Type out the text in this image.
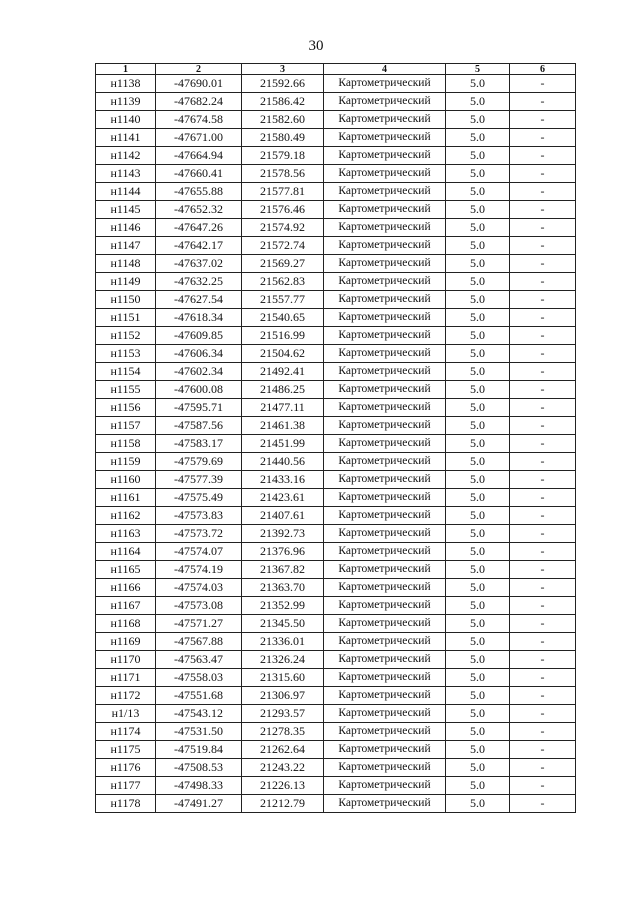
30
1	2	3	4	5	6
н1138	-47690.01	21592.66	Картометрический	5.0	-
н1139	-47682.24	21586.42	Картометрический	5.0	-
н1140	-47674.58	21582.60	Картометрический	5.0	-
н1141	-47671.00	21580.49	Картометрический	5.0	-
н1142	-47664.94	21579.18	Картометрический	5.0	-
н1143	-47660.41	21578.56	Картометрический	5.0	-
н1144	-47655.88	21577.81	Картометрический	5.0	-
н1145	-47652.32	21576.46	Картометрический	5.0	-
н1146	-47647.26	21574.92	Картометрический	5.0	-
н1147	-47642.17	21572.74	Картометрический	5.0	-
н1148	-47637.02	21569.27	Картометрический	5.0	-
н1149	-47632.25	21562.83	Картометрический	5.0	-
н1150	-47627.54	21557.77	Картометрический	5.0	-
н1151	-47618.34	21540.65	Картометрический	5.0	-
н1152	-47609.85	21516.99	Картометрический	5.0	-
н1153	-47606.34	21504.62	Картометрический	5.0	-
н1154	-47602.34	21492.41	Картометрический	5.0	-
н1155	-47600.08	21486.25	Картометрический	5.0	-
н1156	-47595.71	21477.11	Картометрический	5.0	-
н1157	-47587.56	21461.38	Картометрический	5.0	-
н1158	-47583.17	21451.99	Картометрический	5.0	-
н1159	-47579.69	21440.56	Картометрический	5.0	-
н1160	-47577.39	21433.16	Картометрический	5.0	-
н1161	-47575.49	21423.61	Картометрический	5.0	-
н1162	-47573.83	21407.61	Картометрический	5.0	-
н1163	-47573.72	21392.73	Картометрический	5.0	-
н1164	-47574.07	21376.96	Картометрический	5.0	-
н1165	-47574.19	21367.82	Картометрический	5.0	-
н1166	-47574.03	21363.70	Картометрический	5.0	-
н1167	-47573.08	21352.99	Картометрический	5.0	-
н1168	-47571.27	21345.50	Картометрический	5.0	-
н1169	-47567.88	21336.01	Картометрический	5.0	-
н1170	-47563.47	21326.24	Картометрический	5.0	-
н1171	-47558.03	21315.60	Картометрический	5.0	-
н1172	-47551.68	21306.97	Картометрический	5.0	-
н1/13	-47543.12	21293.57	Картометрический	5.0	-
н1174	-47531.50	21278.35	Картометрический	5.0	-
н1175	-47519.84	21262.64	Картометрический	5.0	-
н1176	-47508.53	21243.22	Картометрический	5.0	-
н1177	-47498.33	21226.13	Картометрический	5.0	-
н1178	-47491.27	21212.79	Картометрический	5.0	-
